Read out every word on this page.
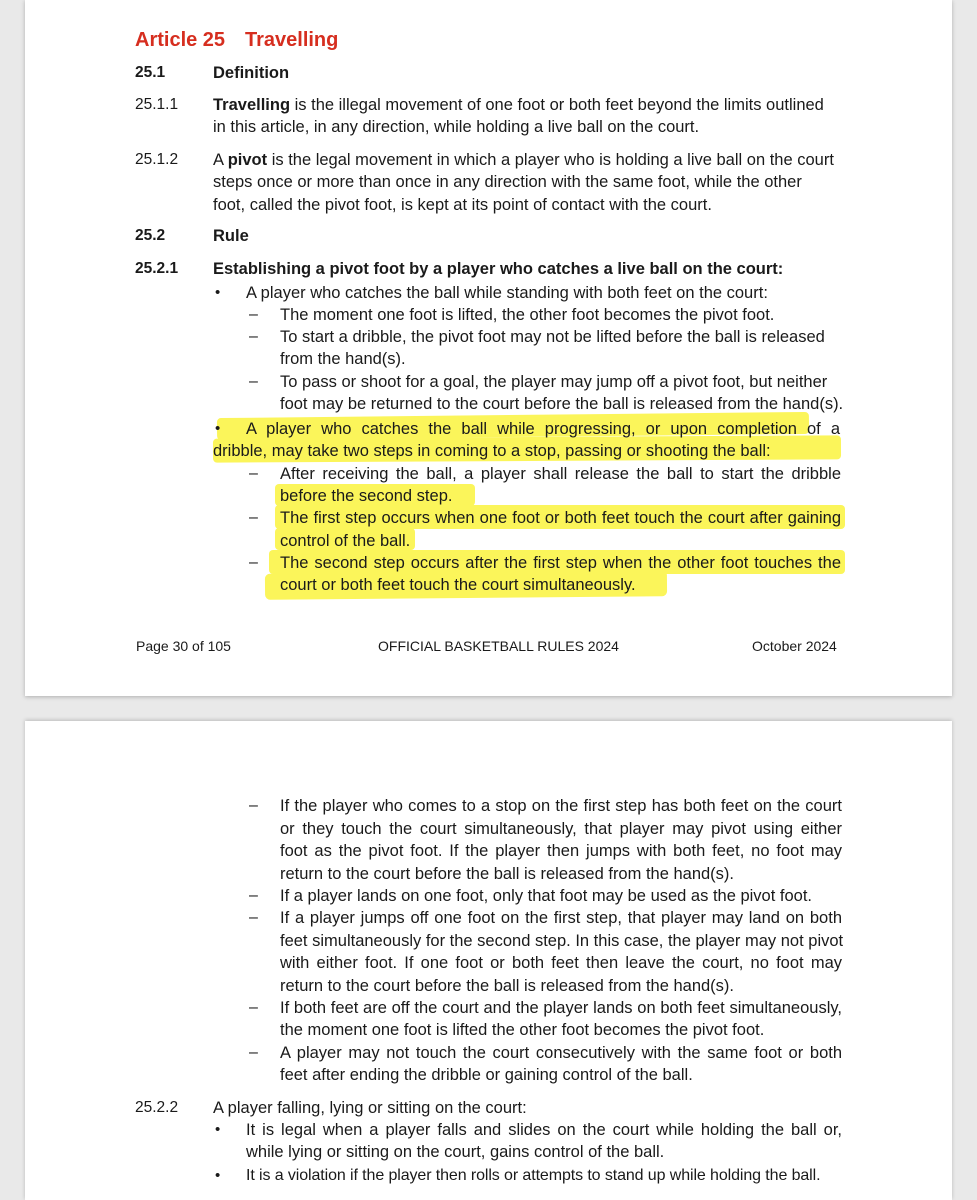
Article 25 Travelling
25.1	Definition
25.1.1 Travelling is the illegal movement of one foot or both feet beyond the limits outlined
in this article, in any direction, while holding a live ball on the court.
25.1.2 A pivot is the legal movement in which a player who is holding a live ball on the court
steps once or more than once in any direction with the same foot, while the other
foot, called the pivot foot, is kept at its point of contact with the court.
25.2	Rule
25.2.1 Establishing a pivot foot by a player who catches a live ball on the court:
• A player who catches the ball while standing with both feet on the court:
– The moment one foot is lifted, the other foot becomes the pivot foot.
– To start a dribble, the pivot foot may not be lifted before the ball is released
from the hand(s).
– To pass or shoot for a goal, the player may jump off a pivot foot, but neither
foot may be returned to the court before the ball is released from the hand(s).
• A player who catches the ball while progressing, or upon completion of a
dribble, may take two steps in coming to a stop, passing or shooting the ball:
– After receiving the ball, a player shall release the ball to start the dribble
before the second step.
– The first step occurs when one foot or both feet touch the court after gaining
control of the ball.
– The second step occurs after the first step when the other foot touches the
court or both feet touch the court simultaneously.
Page 30 of 105	OFFICIAL BASKETBALL RULES 2024	October 2024
– If the player who comes to a stop on the first step has both feet on the court
or they touch the court simultaneously, that player may pivot using either
foot as the pivot foot. If the player then jumps with both feet, no foot may
return to the court before the ball is released from the hand(s).
– If a player lands on one foot, only that foot may be used as the pivot foot.
– If a player jumps off one foot on the first step, that player may land on both
feet simultaneously for the second step. In this case, the player may not pivot
with either foot. If one foot or both feet then leave the court, no foot may
return to the court before the ball is released from the hand(s).
– If both feet are off the court and the player lands on both feet simultaneously,
the moment one foot is lifted the other foot becomes the pivot foot.
– A player may not touch the court consecutively with the same foot or both
feet after ending the dribble or gaining control of the ball.
25.2.2 A player falling, lying or sitting on the court:
• It is legal when a player falls and slides on the court while holding the ball or,
while lying or sitting on the court, gains control of the ball.
• It is a violation if the player then rolls or attempts to stand up while holding the ball.
